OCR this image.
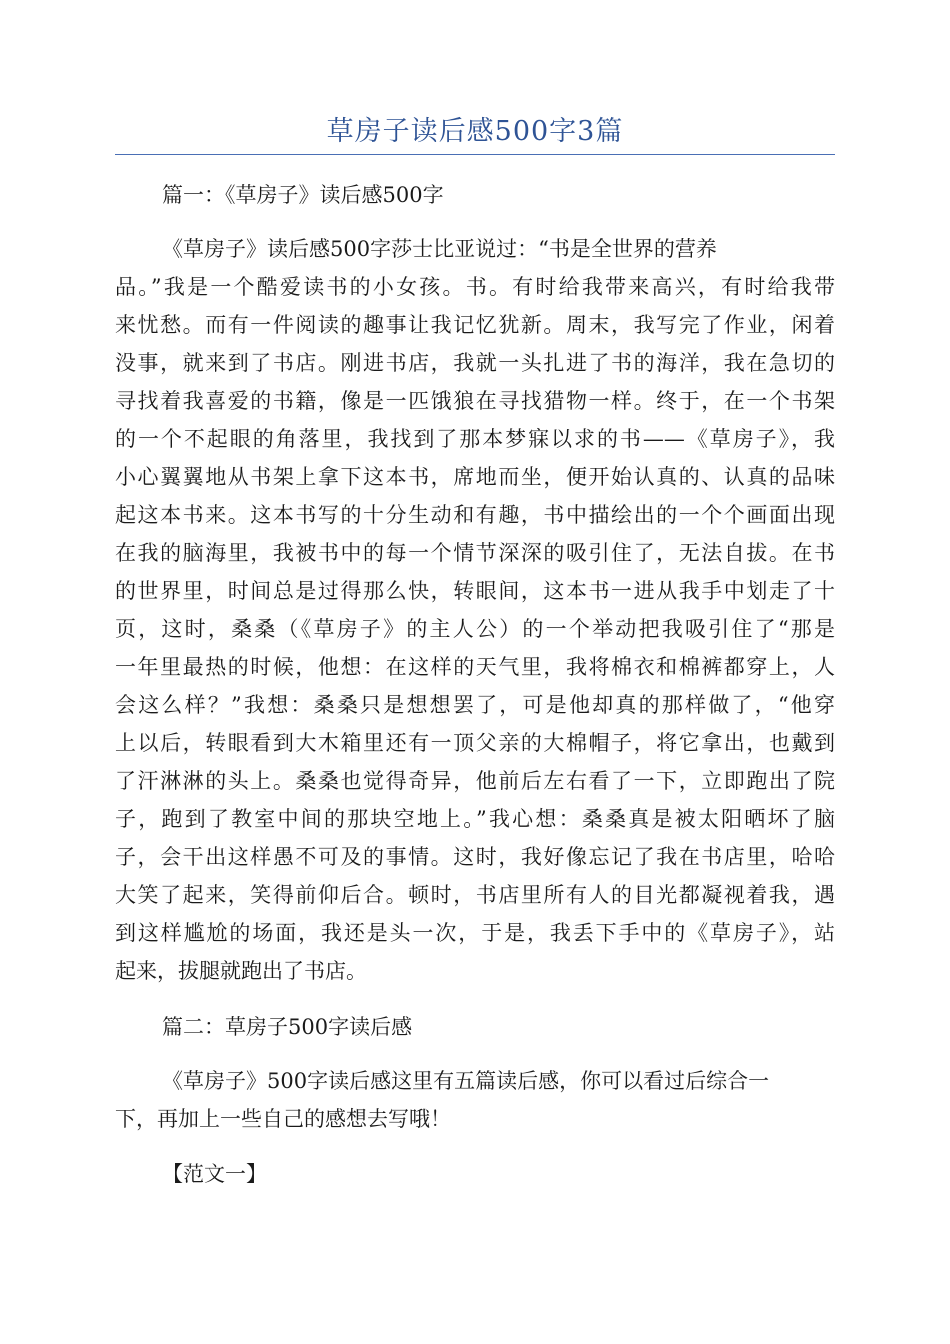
草房子读后感500字3篇
篇一：《草房子》读后感500字
《草房子》读后感500字莎士比亚说过：“书是全世界的营养
品。”我是一个酷爱读书的小女孩。书。有时给我带来高兴，有时给我带
来忧愁。而有一件阅读的趣事让我记忆犹新。周末，我写完了作业，闲着
没事，就来到了书店。刚进书店，我就一头扎进了书的海洋，我在急切的
寻找着我喜爱的书籍，像是一匹饿狼在寻找猎物一样。终于，在一个书架
的一个不起眼的角落里，我找到了那本梦寐以求的书——《草房子》，我
小心翼翼地从书架上拿下这本书，席地而坐，便开始认真的、认真的品味
起这本书来。这本书写的十分生动和有趣，书中描绘出的一个个画面出现
在我的脑海里，我被书中的每一个情节深深的吸引住了，无法自拔。在书
的世界里，时间总是过得那么快，转眼间，这本书一进从我手中划走了十
页，这时，桑桑（《草房子》的主人公）的一个举动把我吸引住了“那是
一年里最热的时候，他想：在这样的天气里，我将棉衣和棉裤都穿上，人
会这么样？”我想：桑桑只是想想罢了，可是他却真的那样做了，“他穿
上以后，转眼看到大木箱里还有一顶父亲的大棉帽子，将它拿出，也戴到
了汗淋淋的头上。桑桑也觉得奇异，他前后左右看了一下，立即跑出了院
子，跑到了教室中间的那块空地上。”我心想：桑桑真是被太阳晒坏了脑
子，会干出这样愚不可及的事情。这时，我好像忘记了我在书店里，哈哈
大笑了起来，笑得前仰后合。顿时，书店里所有人的目光都凝视着我，遇
到这样尴尬的场面，我还是头一次，于是，我丢下手中的《草房子》，站
起来，拔腿就跑出了书店。
篇二：草房子500字读后感
《草房子》500字读后感这里有五篇读后感，你可以看过后综合一
下，再加上一些自己的感想去写哦！
【范文一】
